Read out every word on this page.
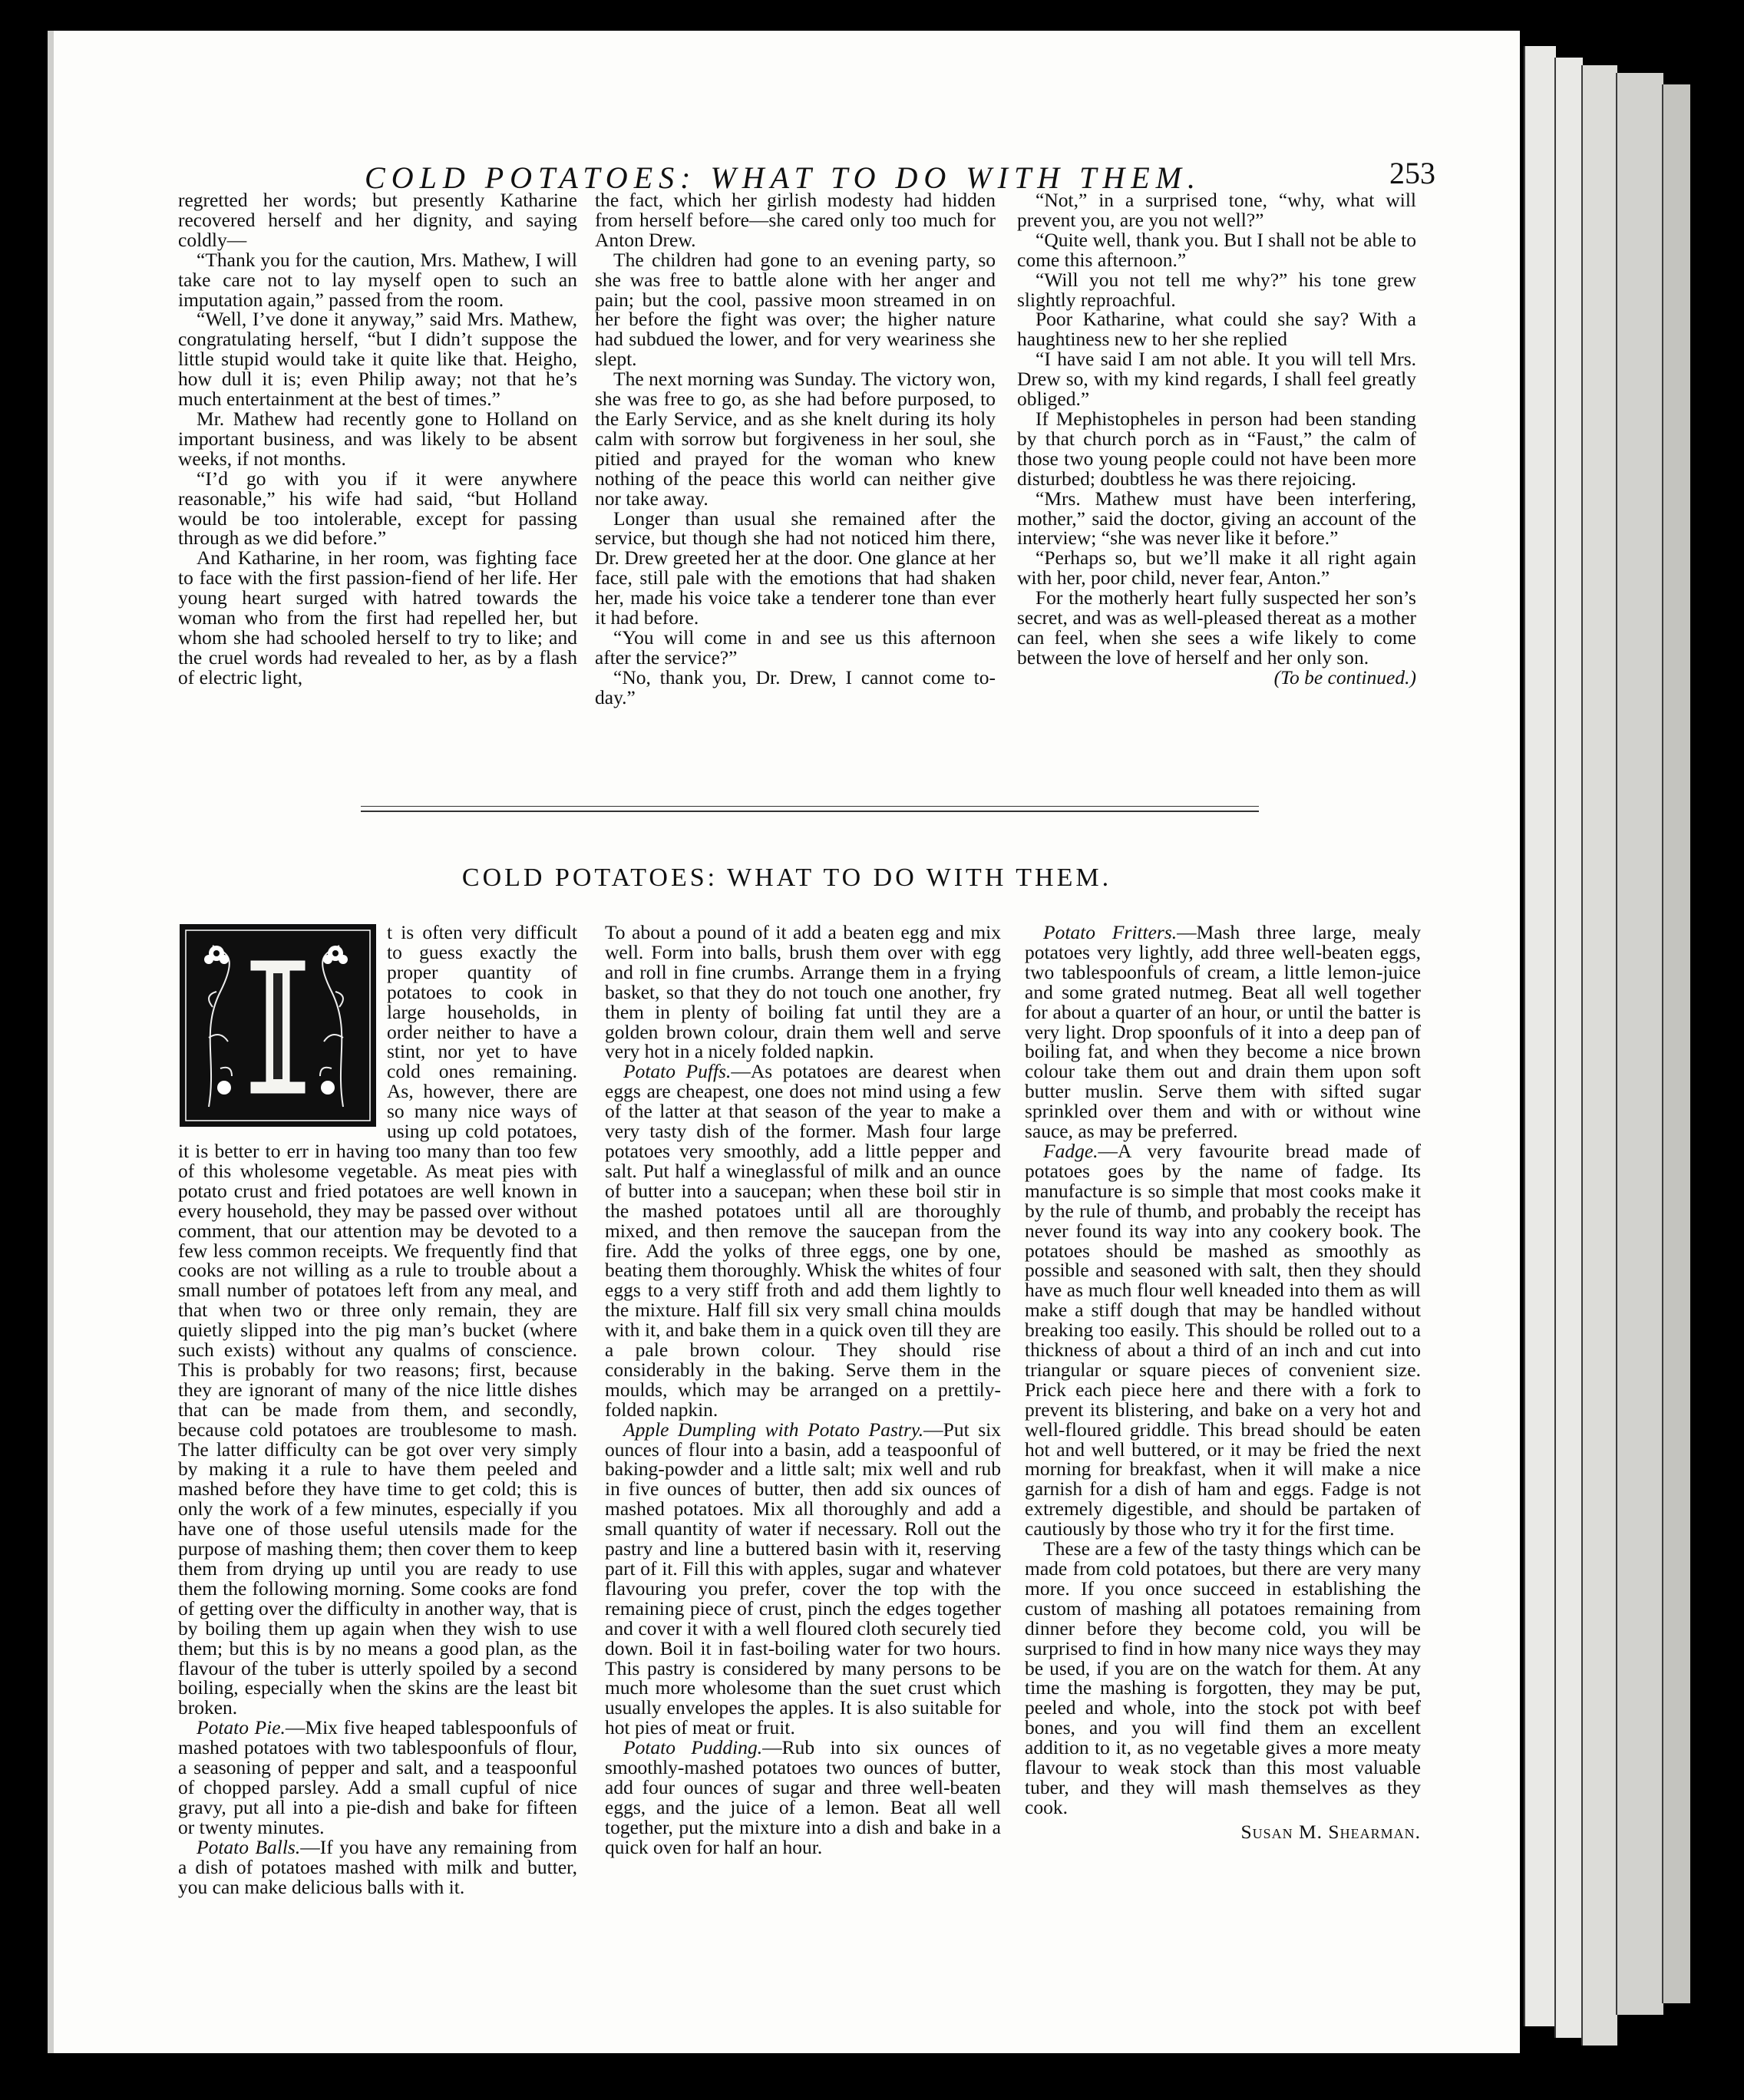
COLD POTATOES: WHAT TO DO WITH THEM.	253

regretted her words; but presently Katharine recovered herself and her dignity, and saying coldly—

“Thank you for the caution, Mrs. Mathew, I will take care not to lay myself open to such an imputation again,” passed from the room.

“Well, I’ve done it anyway,” said Mrs. Mathew, congratulating herself, “but I didn’t suppose the little stupid would take it quite like that. Heigho, how dull it is; even Philip away; not that he’s much entertainment at the best of times.”

Mr. Mathew had recently gone to Holland on important business, and was likely to be absent weeks, if not months.

“I’d go with you if it were anywhere reasonable,” his wife had said, “but Holland would be too intolerable, except for passing through as we did before.”

And Katharine, in her room, was fighting face to face with the first passion-fiend of her life. Her young heart surged with hatred towards the woman who from the first had repelled her, but whom she had schooled herself to try to like; and the cruel words had revealed to her, as by a flash of electric light,

the fact, which her girlish modesty had hidden from herself before—she cared only too much for Anton Drew.

The children had gone to an evening party, so she was free to battle alone with her anger and pain; but the cool, passive moon streamed in on her before the fight was over; the higher nature had subdued the lower, and for very weariness she slept.

The next morning was Sunday. The victory won, she was free to go, as she had before purposed, to the Early Service, and as she knelt during its holy calm with sorrow but forgiveness in her soul, she pitied and prayed for the woman who knew nothing of the peace this world can neither give nor take away.

Longer than usual she remained after the service, but though she had not noticed him there, Dr. Drew greeted her at the door. One glance at her face, still pale with the emotions that had shaken her, made his voice take a tenderer tone than ever it had before.

“You will come in and see us this afternoon after the service?”

“No, thank you, Dr. Drew, I cannot come to-day.”

“Not,” in a surprised tone, “why, what will prevent you, are you not well?”

“Quite well, thank you. But I shall not be able to come this afternoon.”

“Will you not tell me why?” his tone grew slightly reproachful.

Poor Katharine, what could she say? With a haughtiness new to her she replied

“I have said I am not able. It you will tell Mrs. Drew so, with my kind regards, I shall feel greatly obliged.”

If Mephistopheles in person had been standing by that church porch as in “Faust,” the calm of those two young people could not have been more disturbed; doubtless he was there rejoicing.

“Mrs. Mathew must have been interfering, mother,” said the doctor, giving an account of the interview; “she was never like it before.”

“Perhaps so, but we’ll make it all right again with her, poor child, never fear, Anton.”

For the motherly heart fully suspected her son’s secret, and was as well-pleased thereat as a mother can feel, when she sees a wife likely to come between the love of herself and her only son.

(To be continued.)

COLD POTATOES: WHAT TO DO WITH THEM.

t is often very difficult to guess exactly the proper quantity of potatoes to cook in large households, in order neither to have a stint, nor yet to have cold ones remaining. As, however, there are so many nice ways of using up cold potatoes, it is better to err in having too many than too few of this wholesome vegetable. As meat pies with potato crust and fried potatoes are well known in every household, they may be passed over without comment, that our attention may be devoted to a few less common receipts. We frequently find that cooks are not willing as a rule to trouble about a small number of potatoes left from any meal, and that when two or three only remain, they are quietly slipped into the pig man’s bucket (where such exists) without any qualms of conscience. This is probably for two reasons; first, because they are ignorant of many of the nice little dishes that can be made from them, and secondly, because cold potatoes are troublesome to mash. The latter difficulty can be got over very simply by making it a rule to have them peeled and mashed before they have time to get cold; this is only the work of a few minutes, especially if you have one of those useful utensils made for the purpose of mashing them; then cover them to keep them from drying up until you are ready to use them the following morning. Some cooks are fond of getting over the difficulty in another way, that is by boiling them up again when they wish to use them; but this is by no means a good plan, as the flavour of the tuber is utterly spoiled by a second boiling, especially when the skins are the least bit broken.

Potato Pie.—Mix five heaped tablespoonfuls of mashed potatoes with two tablespoonfuls of flour, a seasoning of pepper and salt, and a teaspoonful of chopped parsley. Add a small cupful of nice gravy, put all into a pie-dish and bake for fifteen or twenty minutes.

Potato Balls.—If you have any remaining from a dish of potatoes mashed with milk and butter, you can make delicious balls with it.

To about a pound of it add a beaten egg and mix well. Form into balls, brush them over with egg and roll in fine crumbs. Arrange them in a frying basket, so that they do not touch one another, fry them in plenty of boiling fat until they are a golden brown colour, drain them well and serve very hot in a nicely folded napkin.

Potato Puffs.—As potatoes are dearest when eggs are cheapest, one does not mind using a few of the latter at that season of the year to make a very tasty dish of the former. Mash four large potatoes very smoothly, add a little pepper and salt. Put half a wineglassful of milk and an ounce of butter into a saucepan; when these boil stir in the mashed potatoes until all are thoroughly mixed, and then remove the saucepan from the fire. Add the yolks of three eggs, one by one, beating them thoroughly. Whisk the whites of four eggs to a very stiff froth and add them lightly to the mixture. Half fill six very small china moulds with it, and bake them in a quick oven till they are a pale brown colour. They should rise considerably in the baking. Serve them in the moulds, which may be arranged on a prettily-folded napkin.

Apple Dumpling with Potato Pastry.—Put six ounces of flour into a basin, add a teaspoonful of baking-powder and a little salt; mix well and rub in five ounces of butter, then add six ounces of mashed potatoes. Mix all thoroughly and add a small quantity of water if necessary. Roll out the pastry and line a buttered basin with it, reserving part of it. Fill this with apples, sugar and whatever flavouring you prefer, cover the top with the remaining piece of crust, pinch the edges together and cover it with a well floured cloth securely tied down. Boil it in fast-boiling water for two hours. This pastry is considered by many persons to be much more wholesome than the suet crust which usually envelopes the apples. It is also suitable for hot pies of meat or fruit.

Potato Pudding.—Rub into six ounces of smoothly-mashed potatoes two ounces of butter, add four ounces of sugar and three well-beaten eggs, and the juice of a lemon. Beat all well together, put the mixture into a dish and bake in a quick oven for half an hour.

Potato Fritters.—Mash three large, mealy potatoes very lightly, add three well-beaten eggs, two tablespoonfuls of cream, a little lemon-juice and some grated nutmeg. Beat all well together for about a quarter of an hour, or until the batter is very light. Drop spoonfuls of it into a deep pan of boiling fat, and when they become a nice brown colour take them out and drain them upon soft butter muslin. Serve them with sifted sugar sprinkled over them and with or without wine sauce, as may be preferred.

Fadge.—A very favourite bread made of potatoes goes by the name of fadge. Its manufacture is so simple that most cooks make it by the rule of thumb, and probably the receipt has never found its way into any cookery book. The potatoes should be mashed as smoothly as possible and seasoned with salt, then they should have as much flour well kneaded into them as will make a stiff dough that may be handled without breaking too easily. This should be rolled out to a thickness of about a third of an inch and cut into triangular or square pieces of convenient size. Prick each piece here and there with a fork to prevent its blistering, and bake on a very hot and well-floured griddle. This bread should be eaten hot and well buttered, or it may be fried the next morning for breakfast, when it will make a nice garnish for a dish of ham and eggs. Fadge is not extremely digestible, and should be partaken of cautiously by those who try it for the first time.

These are a few of the tasty things which can be made from cold potatoes, but there are very many more. If you once succeed in establishing the custom of mashing all potatoes remaining from dinner before they become cold, you will be surprised to find in how many nice ways they may be used, if you are on the watch for them. At any time the mashing is forgotten, they may be put, peeled and whole, into the stock pot with beef bones, and you will find them an excellent addition to it, as no vegetable gives a more meaty flavour to weak stock than this most valuable tuber, and they will mash themselves as they cook.

Susan M. Shearman.
